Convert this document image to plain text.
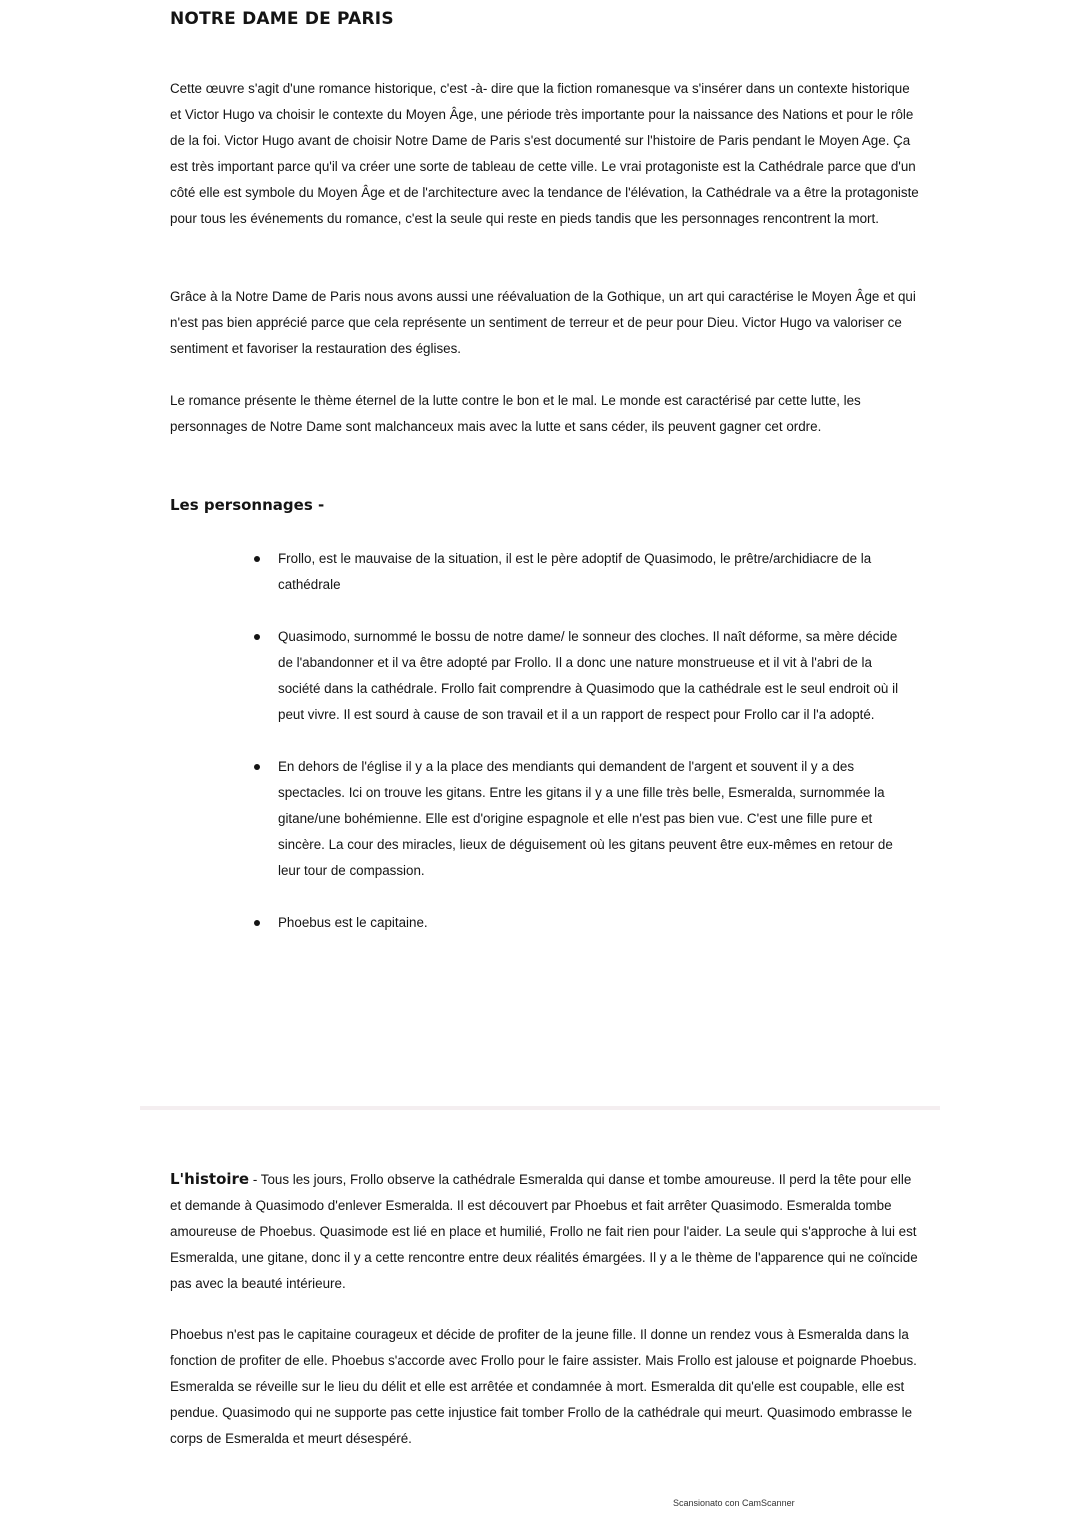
NOTRE DAME DE PARIS

Cette œuvre s'agit d'une romance historique, c'est -à- dire que la fiction romanesque va s'insérer dans un contexte historique et Victor Hugo va choisir le contexte du Moyen Âge, une période très importante pour la naissance des Nations et pour le rôle de la foi. Victor Hugo avant de choisir Notre Dame de Paris s'est documenté sur l'histoire de Paris pendant le Moyen Age. Ça est très important parce qu'il va créer une sorte de tableau de cette ville. Le vrai protagoniste est la Cathédrale parce que d'un côté elle est symbole du Moyen Âge et de l'architecture avec la tendance de l'élévation, la Cathédrale va a être la protagoniste pour tous les événements du romance, c'est la seule qui reste en pieds tandis que les personnages rencontrent la mort.

Grâce à la Notre Dame de Paris nous avons aussi une réévaluation de la Gothique, un art qui caractérise le Moyen Âge et qui n'est pas bien apprécié parce que cela représente un sentiment de terreur et de peur pour Dieu. Victor Hugo va valoriser ce sentiment et favoriser la restauration des églises.

Le romance présente le thème éternel de la lutte contre le bon et le mal. Le monde est caractérisé par cette lutte, les personnages de Notre Dame sont malchanceux mais avec la lutte et sans céder, ils peuvent gagner cet ordre.

Les personnages -
Frollo, est le mauvaise de la situation, il est le père adoptif de Quasimodo, le prêtre/archidiacre de la cathédrale
Quasimodo, surnommé le bossu de notre dame/ le sonneur des cloches. Il naît déforme, sa mère décide de l'abandonner et il va être adopté par Frollo. Il a donc une nature monstrueuse et il vit à l'abri de la société dans la cathédrale. Frollo fait comprendre à Quasimodo que la cathédrale est le seul endroit où il peut vivre. Il est sourd à cause de son travail et il a un rapport de respect pour Frollo car il l'a adopté.
En dehors de l'église il y a la place des mendiants qui demandent de l'argent et souvent il y a des spectacles. Ici on trouve les gitans. Entre les gitans il y a une fille très belle, Esmeralda, surnommée la gitane/une bohémienne. Elle est d'origine espagnole et elle n'est pas bien vue. C'est une fille pure et sincère. La cour des miracles, lieux de déguisement où les gitans peuvent être eux-mêmes en retour de leur tour de compassion.
Phoebus est le capitaine.

L'histoire - Tous les jours, Frollo observe la cathédrale Esmeralda qui danse et tombe amoureuse. Il perd la tête pour elle et demande à Quasimodo d'enlever Esmeralda. Il est découvert par Phoebus et fait arrêter Quasimodo. Esmeralda tombe amoureuse de Phoebus. Quasimode est lié en place et humilié, Frollo ne fait rien pour l'aider. La seule qui s'approche à lui est Esmeralda, une gitane, donc il y a cette rencontre entre deux réalités émargées. Il y a le thème de l'apparence qui ne coïncide pas avec la beauté intérieure.

Phoebus n'est pas le capitaine courageux et décide de profiter de la jeune fille. Il donne un rendez vous à Esmeralda dans la fonction de profiter de elle. Phoebus s'accorde avec Frollo pour le faire assister. Mais Frollo est jalouse et poignarde Phoebus. Esmeralda se réveille sur le lieu du délit et elle est arrêtée et condamnée à mort. Esmeralda dit qu'elle est coupable, elle est pendue. Quasimodo qui ne supporte pas cette injustice fait tomber Frollo de la cathédrale qui meurt. Quasimodo embrasse le corps de Esmeralda et meurt désespéré.

Scansionato con CamScanner
